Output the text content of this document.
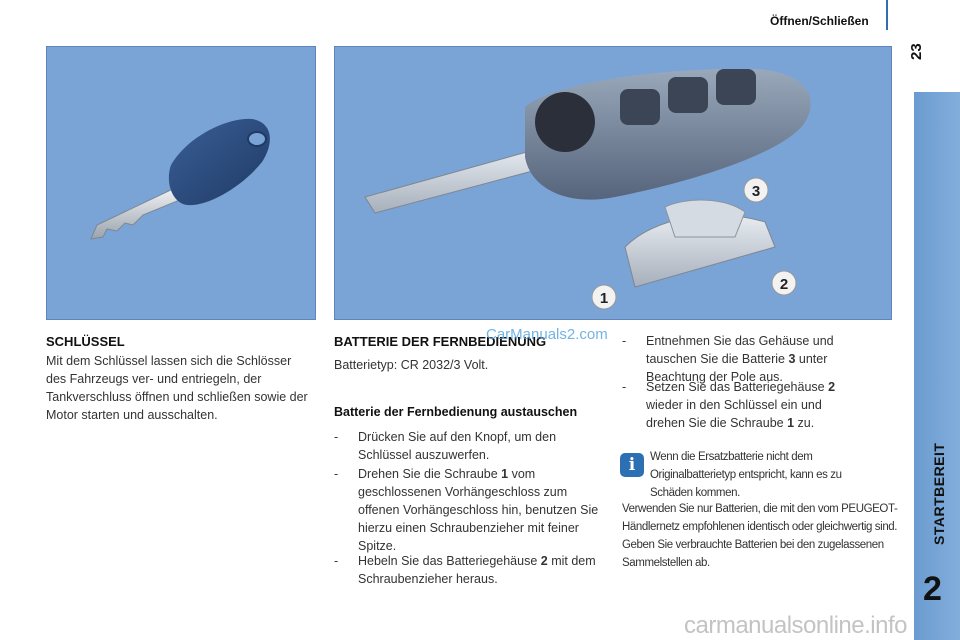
Öffnen/Schließen
23
STARTBEREIT
2
3
2
1
SCHLÜSSEL
Mit dem Schlüssel lassen sich die Schlösser des Fahrzeugs ver- und entriegeln, der Tankverschluss öffnen und schließen sowie der Motor starten und ausschalten.
BATTERIE DER FERNBEDIENUNG
Batterietyp: CR 2032/3 Volt.
Batterie der Fernbedienung austauschen
- Drücken Sie auf den Knopf, um den Schlüssel auszuwerfen.
- Drehen Sie die Schraube 1 vom geschlossenen Vorhängeschloss zum offenen Vorhängeschloss hin, benutzen Sie hierzu einen Schraubenzieher mit feiner Spitze.
- Hebeln Sie das Batteriegehäuse 2 mit dem Schraubenzieher heraus.
- Entnehmen Sie das Gehäuse und tauschen Sie die Batterie 3 unter Beachtung der Pole aus.
- Setzen Sie das Batteriegehäuse 2 wieder in den Schlüssel ein und drehen Sie die Schraube 1 zu.
i	Wenn die Ersatzbatterie nicht dem Originalbatterietyp entspricht, kann es zu Schäden kommen.
Verwenden Sie nur Batterien, die mit den vom PEUGEOT-Händlernetz empfohlenen identisch oder gleichwertig sind. Geben Sie verbrauchte Batterien bei den zugelassenen Sammelstellen ab.
CarManuals2.com
carmanualsonline.info
